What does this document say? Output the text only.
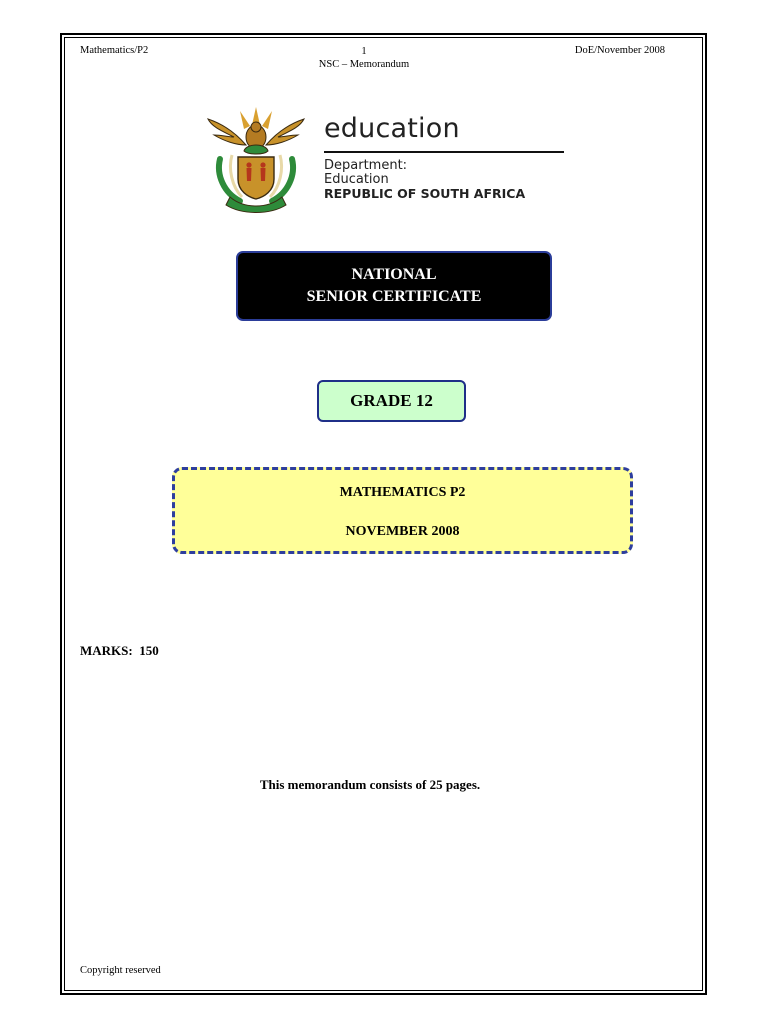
Mathematics/P2	1
NSC – Memorandum
DoE/November 2008
education
Department:
Education
REPUBLIC OF SOUTH AFRICA
NATIONAL
SENIOR CERTIFICATE
GRADE 12
MATHEMATICS P2
NOVEMBER 2008
MARKS:  150
This memorandum consists of 25 pages.
Copyright reserved
